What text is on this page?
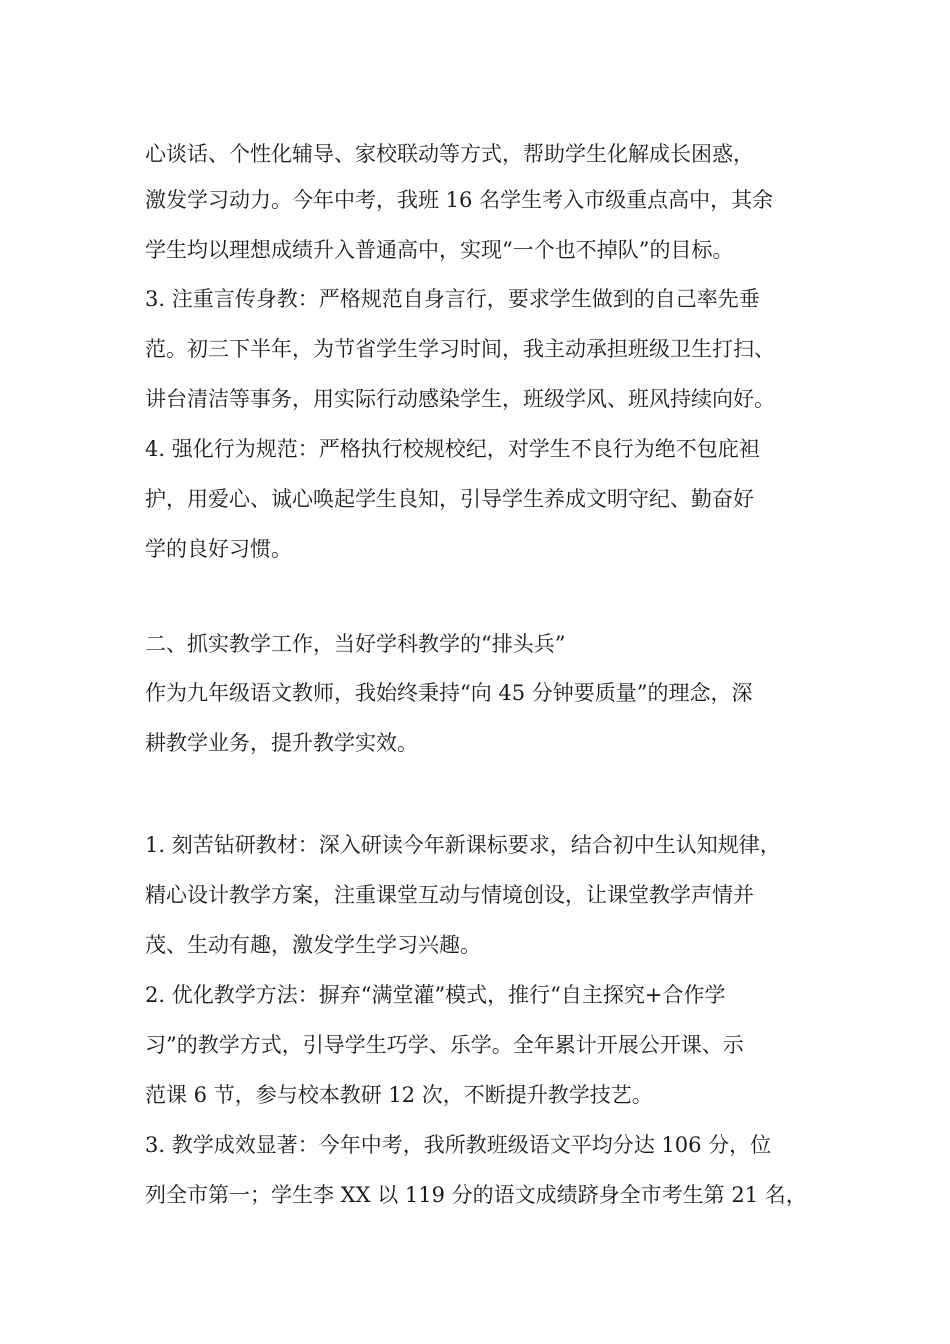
心谈话、个性化辅导、家校联动等方式，帮助学生化解成长困惑，
激发学习动力。今年中考，我班 16 名学生考入市级重点高中，其余
学生均以理想成绩升入普通高中，实现“一个也不掉队”的目标。
3. 注重言传身教：严格规范自身言行，要求学生做到的自己率先垂
范。初三下半年，为节省学生学习时间，我主动承担班级卫生打扫、
讲台清洁等事务，用实际行动感染学生，班级学风、班风持续向好。
4. 强化行为规范：严格执行校规校纪，对学生不良行为绝不包庇袒
护，用爱心、诚心唤起学生良知，引导学生养成文明守纪、勤奋好
学的良好习惯。
二、抓实教学工作，当好学科教学的“排头兵”
作为九年级语文教师，我始终秉持“向 45 分钟要质量”的理念，深
耕教学业务，提升教学实效。
1. 刻苦钻研教材：深入研读今年新课标要求，结合初中生认知规律，
精心设计教学方案，注重课堂互动与情境创设，让课堂教学声情并
茂、生动有趣，激发学生学习兴趣。
2. 优化教学方法：摒弃“满堂灌”模式，推行“自主探究+合作学
习”的教学方式，引导学生巧学、乐学。全年累计开展公开课、示
范课 6 节，参与校本教研 12 次，不断提升教学技艺。
3. 教学成效显著：今年中考，我所教班级语文平均分达 106 分，位
列全市第一；学生李 XX 以 119 分的语文成绩跻身全市考生第 21 名，
